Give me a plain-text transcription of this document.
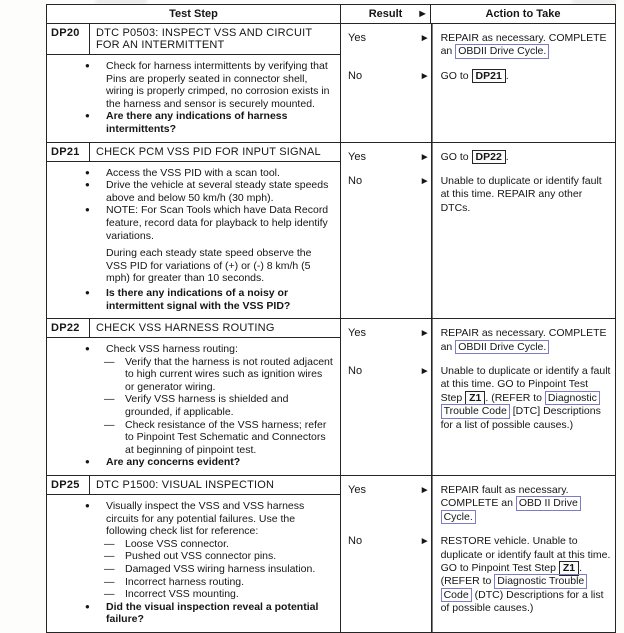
Test Step	Result ►	Action to Take
DP20	DTC P0503: INSPECT VSS AND CIRCUIT FOR AN INTERMITTENT
●	Check for harness intermittents by verifying that Pins are properly seated in connector shell, wiring is properly crimped, no corrosion exists in the harness and sensor is securely mounted.
●	Are there any indications of harness intermittents?
Yes	►	REPAIR as necessary. COMPLETE an OBDII Drive Cycle.
No	►	GO to DP21 .
DP21	CHECK PCM VSS PID FOR INPUT SIGNAL
●	Access the VSS PID with a scan tool.
●	Drive the vehicle at several steady state speeds above and below 50 km/h (30 mph).
●	NOTE: For Scan Tools which have Data Record feature, record data for playback to help identify variations.
During each steady state speed observe the VSS PID for variations of (+) or (-) 8 km/h (5 mph) for greater than 10 seconds.
●	Is there any indications of a noisy or intermittent signal with the VSS PID?
Yes	►	GO to DP22 .
No	►	Unable to duplicate or identify fault at this time. REPAIR any other DTCs.
DP22	CHECK VSS HARNESS ROUTING
●	Check VSS harness routing:
—	Verify that the harness is not routed adjacent to high current wires such as ignition wires or generator wiring.
—	Verify VSS harness is shielded and grounded, if applicable.
—	Check resistance of the VSS harness; refer to Pinpoint Test Schematic and Connectors at beginning of pinpoint test.
●	Are any concerns evident?
Yes	►	REPAIR as necessary. COMPLETE an OBDII Drive Cycle.
No	►	Unable to duplicate or identify a fault at this time. GO to Pinpoint Test Step Z1 . (REFER to Diagnostic Trouble Code [DTC] Descriptions for a list of possible causes.)
DP25	DTC P1500: VISUAL INSPECTION
●	Visually inspect the VSS and VSS harness circuits for any potential failures. Use the following check list for reference:
—	Loose VSS connector.
—	Pushed out VSS connector pins.
—	Damaged VSS wiring harness insulation.
—	Incorrect harness routing.
—	Incorrect VSS mounting.
●	Did the visual inspection reveal a potential failure?
Yes	►	REPAIR fault as necessary. COMPLETE an OBD II Drive Cycle.
No	►	RESTORE vehicle. Unable to duplicate or identify fault at this time. GO to Pinpoint Test Step Z1 . (REFER to Diagnostic Trouble Code (DTC) Descriptions for a list of possible causes.)
